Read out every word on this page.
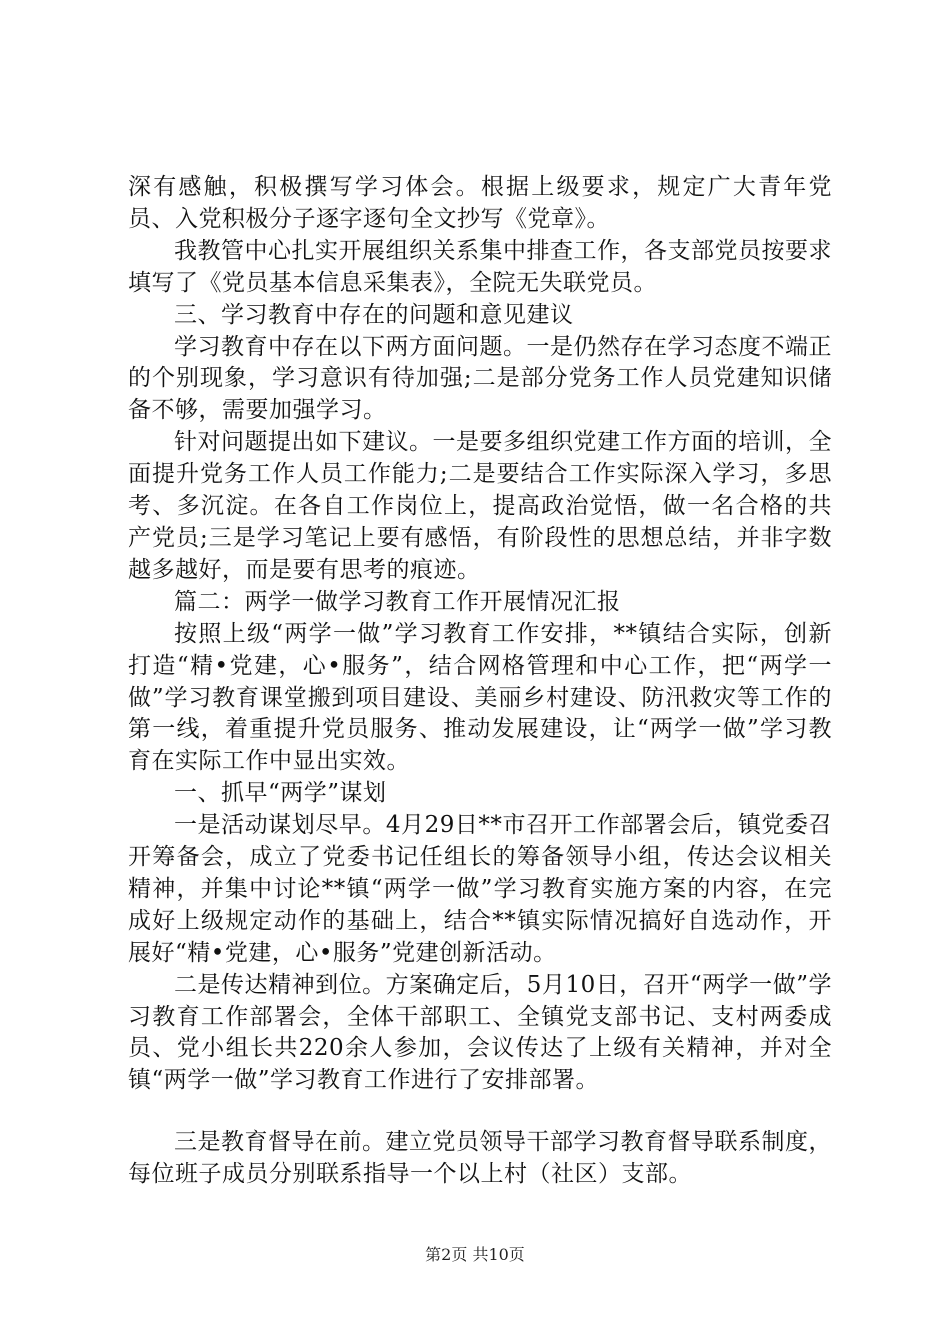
深有感触，积极撰写学习体会。根据上级要求，规定广大青年党员、入党积极分子逐字逐句全文抄写《党章》。

我教管中心扎实开展组织关系集中排查工作，各支部党员按要求填写了《党员基本信息采集表》，全院无失联党员。

三、学习教育中存在的问题和意见建议

学习教育中存在以下两方面问题。一是仍然存在学习态度不端正的个别现象，学习意识有待加强;二是部分党务工作人员党建知识储备不够，需要加强学习。

针对问题提出如下建议。一是要多组织党建工作方面的培训，全面提升党务工作人员工作能力;二是要结合工作实际深入学习，多思考、多沉淀。在各自工作岗位上，提高政治觉悟，做一名合格的共产党员;三是学习笔记上要有感悟，有阶段性的思想总结，并非字数越多越好，而是要有思考的痕迹。

篇二：两学一做学习教育工作开展情况汇报

按照上级“两学一做”学习教育工作安排，**镇结合实际，创新打造“精•党建，心•服务”，结合网格管理和中心工作，把“两学一做”学习教育课堂搬到项目建设、美丽乡村建设、防汛救灾等工作的第一线，着重提升党员服务、推动发展建设，让“两学一做”学习教育在实际工作中显出实效。

一、抓早“两学”谋划

一是活动谋划尽早。4月29日**市召开工作部署会后，镇党委召开筹备会，成立了党委书记任组长的筹备领导小组，传达会议相关精神，并集中讨论**镇“两学一做”学习教育实施方案的内容，在完成好上级规定动作的基础上，结合**镇实际情况搞好自选动作，开展好“精•党建，心•服务”党建创新活动。

二是传达精神到位。方案确定后，5月10日，召开“两学一做”学习教育工作部署会，全体干部职工、全镇党支部书记、支村两委成员、党小组长共220余人参加，会议传达了上级有关精神，并对全镇“两学一做”学习教育工作进行了安排部署。

三是教育督导在前。建立党员领导干部学习教育督导联系制度，每位班子成员分别联系指导一个以上村（社区）支部。

第2页 共10页
